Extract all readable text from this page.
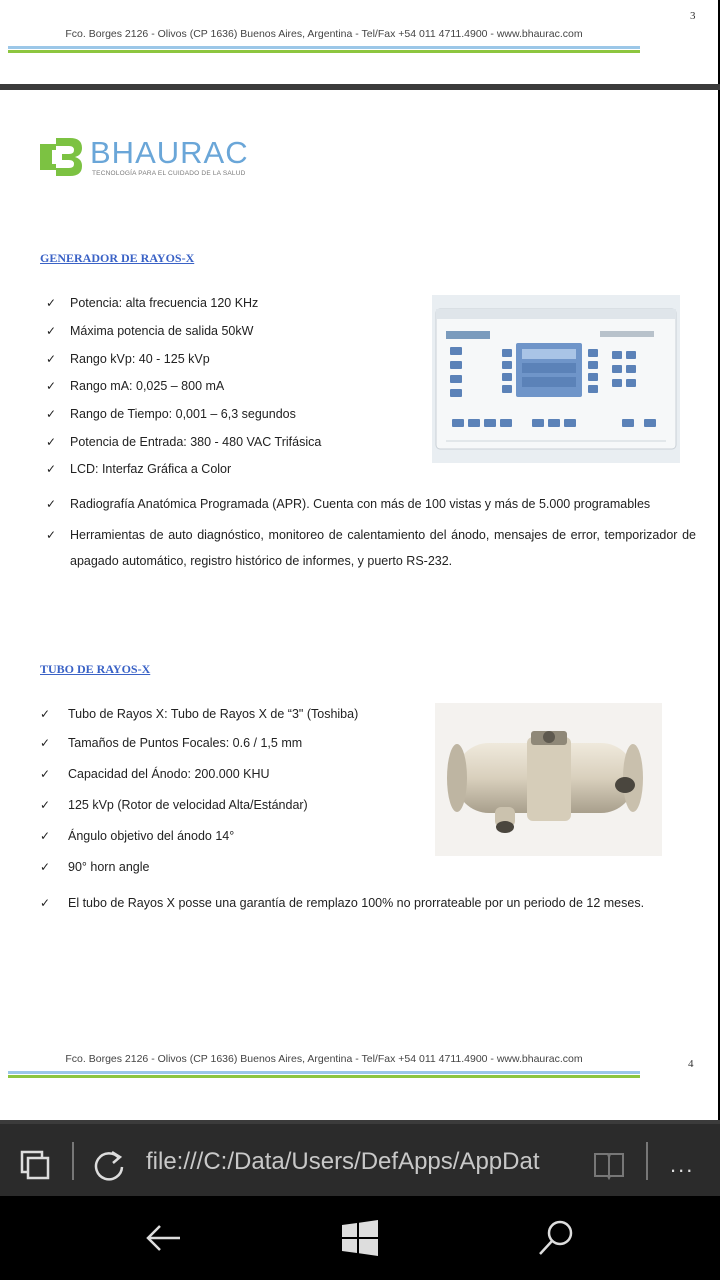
3
Fco. Borges 2126 - Olivos (CP 1636) Buenos Aires, Argentina - Tel/Fax +54 011 4711.4900 - www.bhaurac.com
BHAURAC
TECNOLOGÍA PARA EL CUIDADO DE LA SALUD
GENERADOR DE RAYOS-X
✓ Potencia: alta frecuencia 120 KHz
✓ Máxima potencia de salida 50kW
✓ Rango kVp: 40 - 125 kVp
✓ Rango mA: 0,025 – 800 mA
✓ Rango de Tiempo: 0,001 – 6,3 segundos
✓ Potencia de Entrada: 380 - 480 VAC Trifásica
✓ LCD: Interfaz Gráfica a Color
✓ Radiografía Anatómica Programada (APR). Cuenta con más de 100 vistas y más de 5.000 programables
✓ Herramientas de auto diagnóstico, monitoreo de calentamiento del ánodo, mensajes de error, temporizador de apagado automático, registro histórico de informes, y puerto RS-232.
TUBO DE RAYOS-X
✓ Tubo de Rayos X: Tubo de Rayos X de “3" (Toshiba)
✓ Tamaños de Puntos Focales: 0.6 / 1,5 mm
✓ Capacidad del Ánodo: 200.000 KHU
✓ 125 kVp (Rotor de velocidad Alta/Estándar)
✓ Ángulo objetivo del ánodo 14°
✓ 90° horn angle
✓ El tubo de Rayos X posse una garantía de remplazo 100% no prorrateable por un periodo de 12 meses.
Fco. Borges 2126 - Olivos (CP 1636) Buenos Aires, Argentina - Tel/Fax +54 011 4711.4900 - www.bhaurac.com	4
file:///C:/Data/Users/DefApps/AppDat	...
